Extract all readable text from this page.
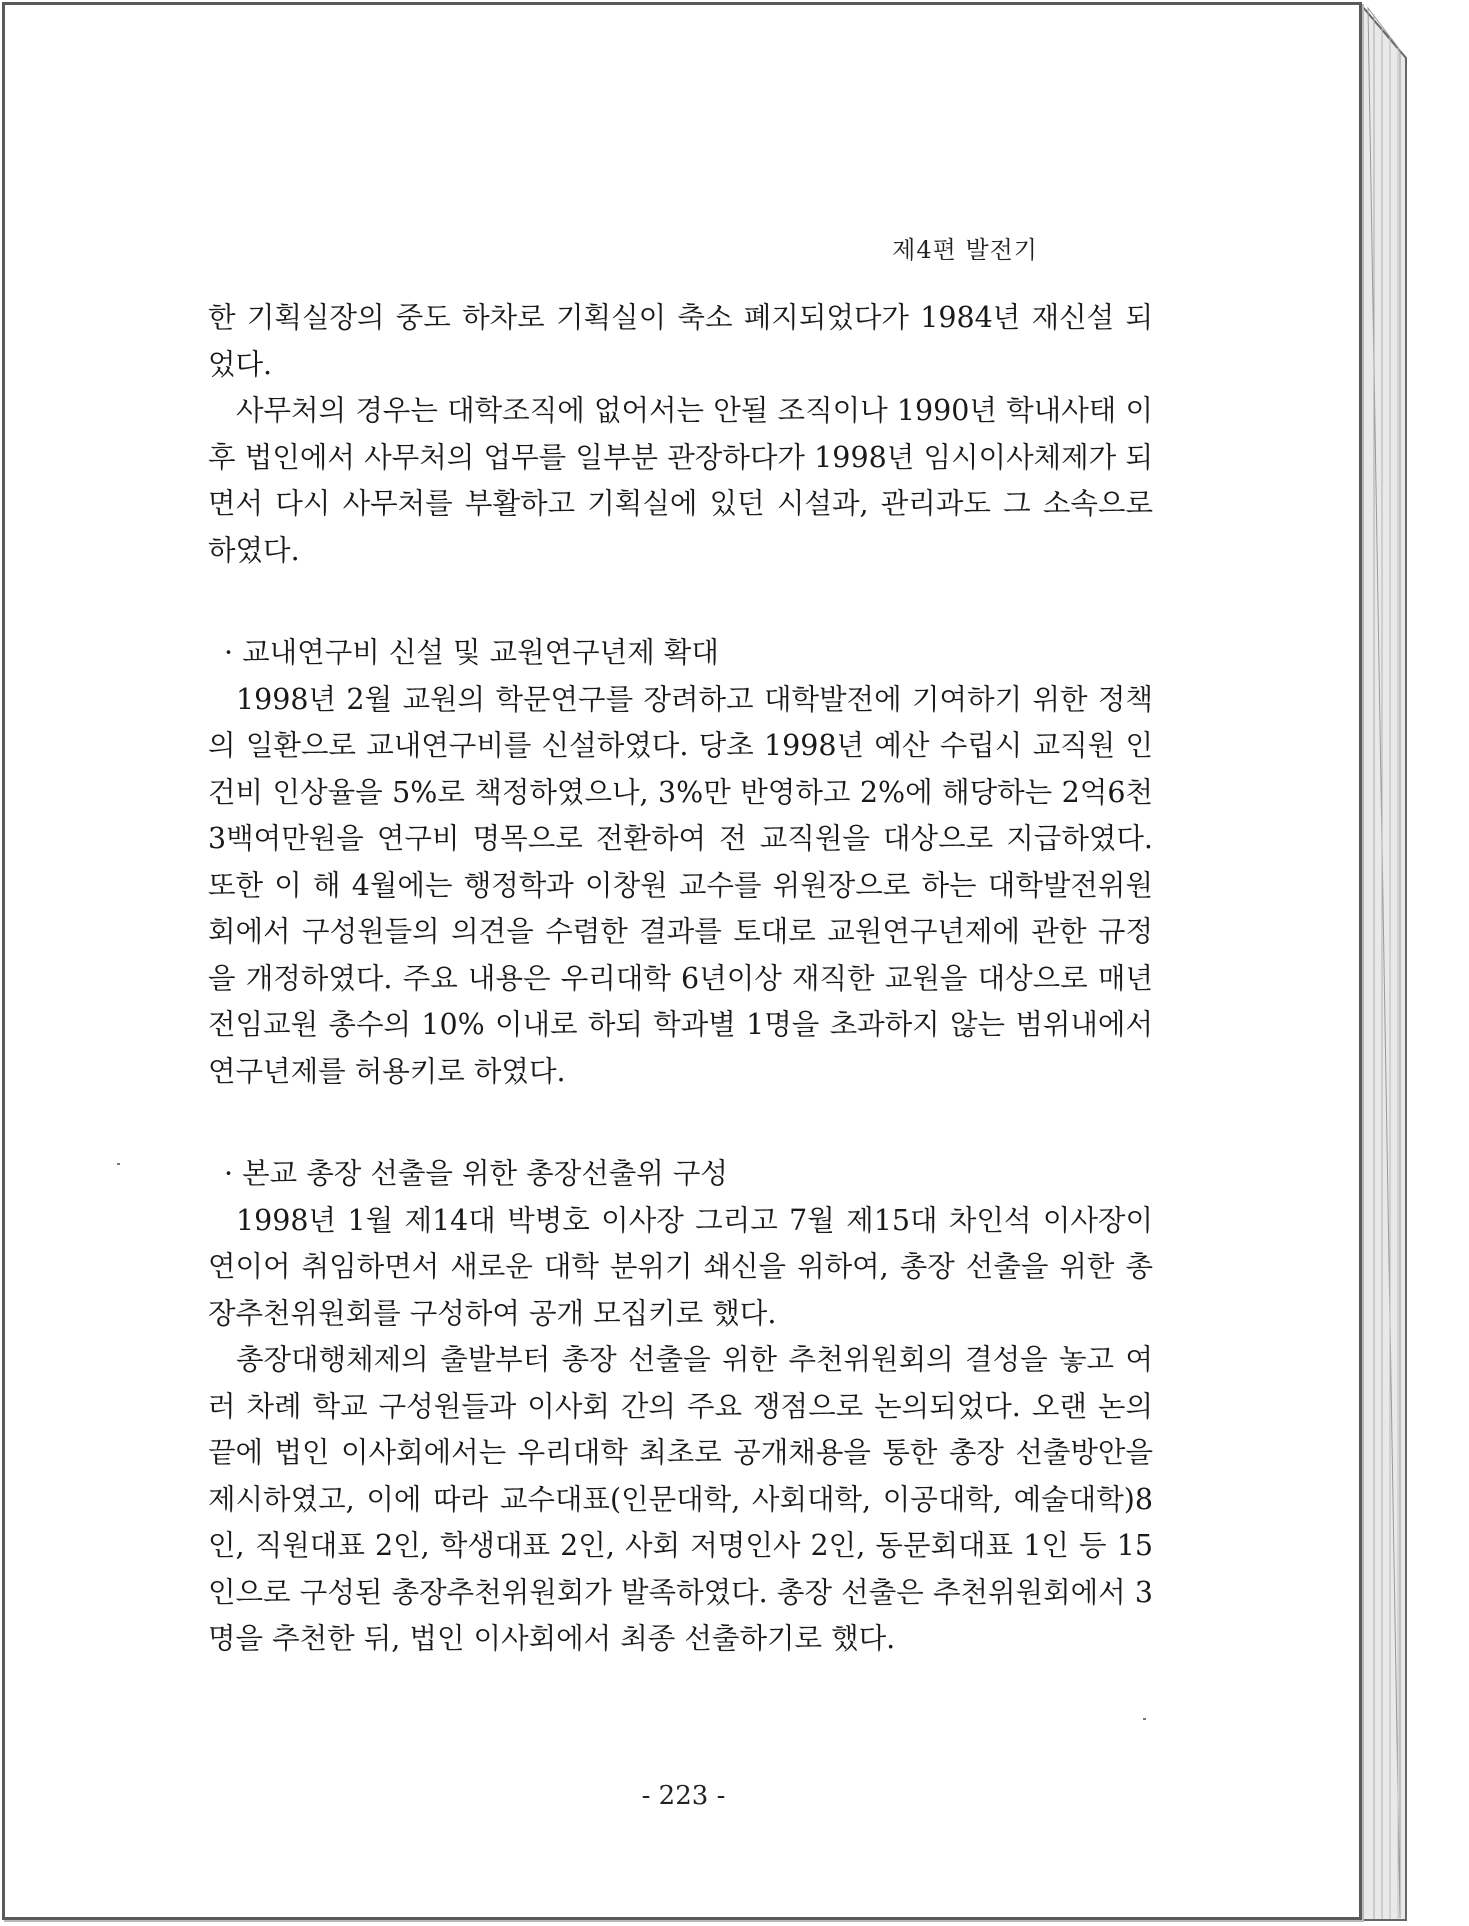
제4편 발전기

한 기획실장의 중도 하차로 기획실이 축소 폐지되었다가 1984년 재신설 되었다.

사무처의 경우는 대학조직에 없어서는 안될 조직이나 1990년 학내사태 이후 법인에서 사무처의 업무를 일부분 관장하다가 1998년 임시이사체제가 되면서 다시 사무처를 부활하고 기획실에 있던 시설과, 관리과도 그 소속으로 하였다.

· 교내연구비 신설 및 교원연구년제 확대

1998년 2월 교원의 학문연구를 장려하고 대학발전에 기여하기 위한 정책의 일환으로 교내연구비를 신설하였다. 당초 1998년 예산 수립시 교직원 인건비 인상율을 5%로 책정하였으나, 3%만 반영하고 2%에 해당하는 2억6천3백여만원을 연구비 명목으로 전환하여 전 교직원을 대상으로 지급하였다. 또한 이 해 4월에는 행정학과 이창원 교수를 위원장으로 하는 대학발전위원회에서 구성원들의 의견을 수렴한 결과를 토대로 교원연구년제에 관한 규정을 개정하였다. 주요 내용은 우리대학 6년이상 재직한 교원을 대상으로 매년 전임교원 총수의 10% 이내로 하되 학과별 1명을 초과하지 않는 범위내에서 연구년제를 허용키로 하였다.

· 본교 총장 선출을 위한 총장선출위 구성

1998년 1월 제14대 박병호 이사장 그리고 7월 제15대 차인석 이사장이 연이어 취임하면서 새로운 대학 분위기 쇄신을 위하여, 총장 선출을 위한 총장추천위원회를 구성하여 공개 모집키로 했다.

총장대행체제의 출발부터 총장 선출을 위한 추천위원회의 결성을 놓고 여러 차례 학교 구성원들과 이사회 간의 주요 쟁점으로 논의되었다. 오랜 논의 끝에 법인 이사회에서는 우리대학 최초로 공개채용을 통한 총장 선출방안을 제시하였고, 이에 따라 교수대표(인문대학, 사회대학, 이공대학, 예술대학)8인, 직원대표 2인, 학생대표 2인, 사회 저명인사 2인, 동문회대표 1인 등 15인으로 구성된 총장추천위원회가 발족하였다. 총장 선출은 추천위원회에서 3명을 추천한 뒤, 법인 이사회에서 최종 선출하기로 했다.

- 223 -
